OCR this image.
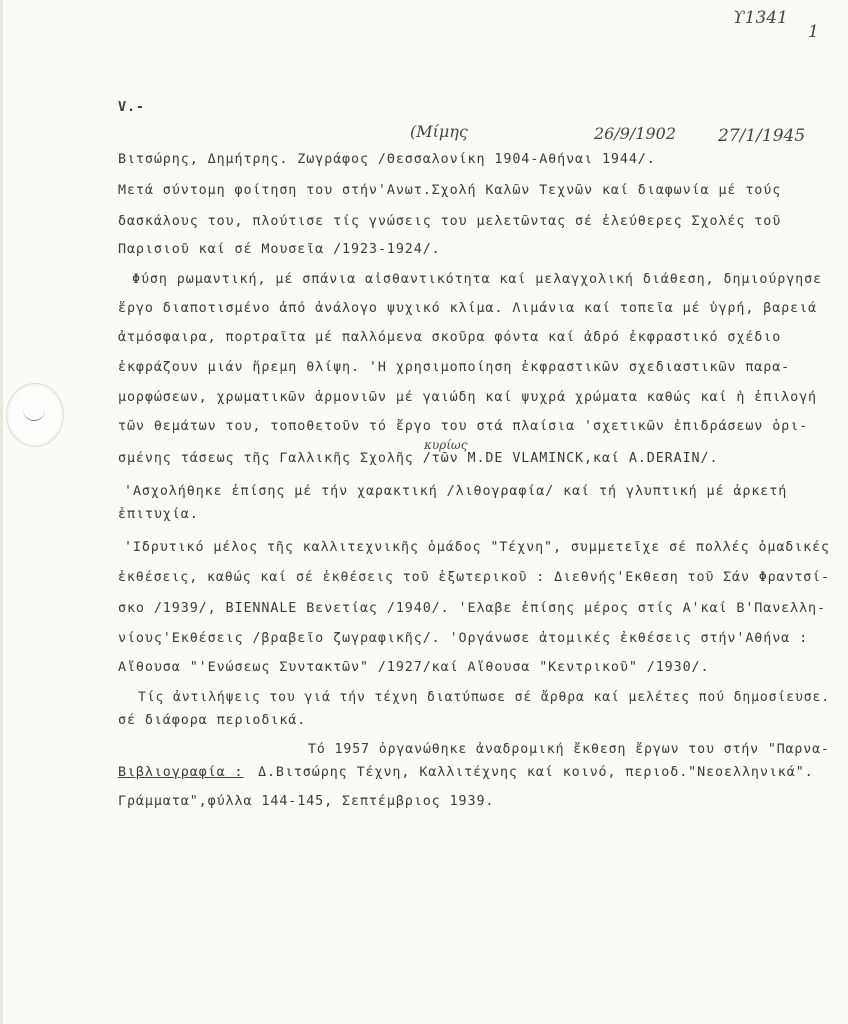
ϒ1341
1
(Μίμης	26/9/1902 27/1/1945
V.-
Βιτσώρης, Δημήτρης. Ζωγράφος /Θεσσαλονίκη 1904-Αθήναι 1944/.
Μετά σύντομη φοίτηση του στήν'Ανωτ.Σχολή Καλῶν Τεχνῶν καί διαφωνία μέ τούς
δασκάλους του, πλούτισε τίς γνώσεις του μελετῶντας σέ ἐλεύθερες Σχολές τοῦ
Παρισιοῦ καί σέ Μουσεῖα /1923-1924/.
Φύση ρωμαντική, μέ σπάνια αἰσθαντικότητα καί μελαγχολική διάθεση, δημιούργησε
ἔργο διαποτισμένο ἀπό ἀνάλογο ψυχικό κλίμα. Λιμάνια καί τοπεῖα μέ ὑγρή, βαρειά
ἀτμόσφαιρα, πορτραῖτα μέ παλλόμενα σκοῦρα φόντα καί ἀδρό ἐκφραστικό σχέδιο
ἐκφράζουν μιάν ἤρεμη θλίψη. 'Η χρησιμοποίηση ἐκφραστικῶν σχεδιαστικῶν παρα-
μορφώσεων, χρωματικῶν ἁρμονιῶν μέ γαιώδη καί ψυχρά χρώματα καθώς καί ἡ ἐπιλογή
τῶν θεμάτων του, τοποθετοῦν τό ἔργο του στά πλαίσια 'σχετικῶν ἐπιδράσεων ὁρι-
κυρίως
σμένης τάσεως τῆς Γαλλικῆς Σχολῆς /τῶν M.DE VLAMINCK,καί A.DERAIN/.
'Ασχολήθηκε ἐπίσης μέ τήν χαρακτική /λιθογραφία/ καί τή γλυπτική μέ ἀρκετή
ἐπιτυχία.
'Ιδρυτικό μέλος τῆς καλλιτεχνικῆς ὁμάδος "Τέχνη", συμμετεῖχε σέ πολλές ὁμαδικές
ἐκθέσεις, καθώς καί σέ ἐκθέσεις τοῦ ἐξωτερικοῦ : Διεθνής'Εκθεση τοῦ Σάν Φραντσί-
σκο /1939/, BIENNALE Βενετίας /1940/. 'Ελαβε ἐπίσης μέρος στίς Α'καί Β'Πανελλη-
νίους'Εκθέσεις /βραβεῖο ζωγραφικῆς/. 'Οργάνωσε ἀτομικές ἐκθέσεις στήν'Αθήνα :
Αἴθουσα "'Ενώσεως Συντακτῶν" /1927/καί Αἴθουσα "Κεντρικοῦ" /1930/.
Τίς ἀντιλήψεις του γιά τήν τέχνη διατύπωσε σέ ἄρθρα καί μελέτες πού δημοσίευσε.
σέ διάφορα περιοδικά.
Τό 1957 ὀργανώθηκε ἀναδρομική ἔκθεση ἔργων του στήν "Παρνα-
Βιβλιογραφία : Δ.Βιτσώρης Τέχνη, Καλλιτέχνης καί κοινό, περιοδ."Νεοελληνικά".
Γράμματα",φύλλα 144-145, Σεπτέμβριος 1939.
